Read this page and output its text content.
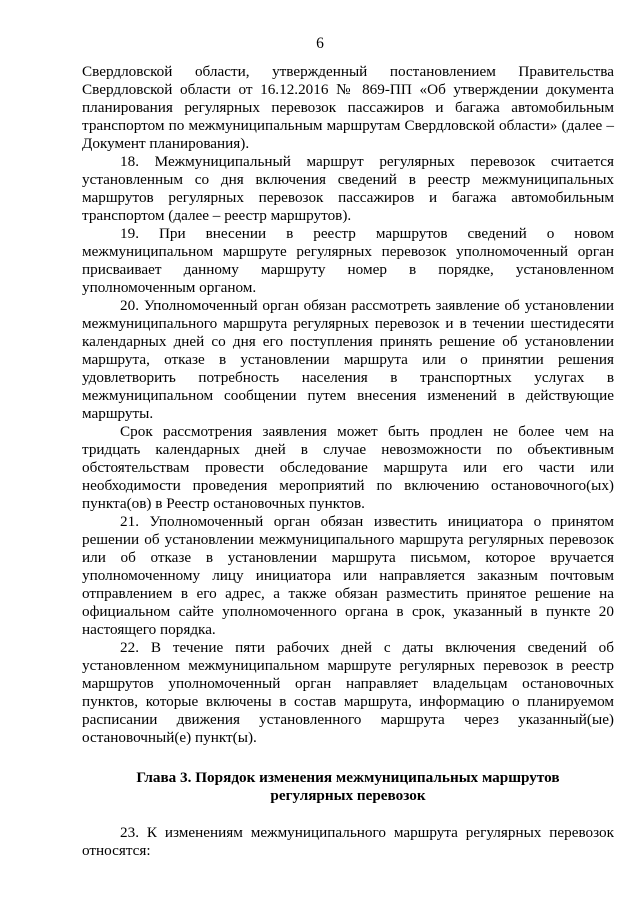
6

Свердловской области, утвержденный постановлением Правительства Свердловской области от 16.12.2016 № 869-ПП «Об утверждении документа планирования регулярных перевозок пассажиров и багажа автомобильным транспортом по межмуниципальным маршрутам Свердловской области» (далее – Документ планирования).

18. Межмуниципальный маршрут регулярных перевозок считается установленным со дня включения сведений в реестр межмуниципальных маршрутов регулярных перевозок пассажиров и багажа автомобильным транспортом (далее – реестр маршрутов).

19. При внесении в реестр маршрутов сведений о новом межмуниципальном маршруте регулярных перевозок уполномоченный орган присваивает данному маршруту номер в порядке, установленном уполномоченным органом.

20. Уполномоченный орган обязан рассмотреть заявление об установлении межмуниципального маршрута регулярных перевозок и в течении шестидесяти календарных дней со дня его поступления принять решение об установлении маршрута, отказе в установлении маршрута или о принятии решения удовлетворить потребность населения в транспортных услугах в межмуниципальном сообщении путем внесения изменений в действующие маршруты.

Срок рассмотрения заявления может быть продлен не более чем на тридцать календарных дней в случае невозможности по объективным обстоятельствам провести обследование маршрута или его части или необходимости проведения мероприятий по включению остановочного(ых) пункта(ов) в Реестр остановочных пунктов.

21. Уполномоченный орган обязан известить инициатора о принятом решении об установлении межмуниципального маршрута регулярных перевозок или об отказе в установлении маршрута письмом, которое вручается уполномоченному лицу инициатора или направляется заказным почтовым отправлением в его адрес, а также обязан разместить принятое решение на официальном сайте уполномоченного органа в срок, указанный в пункте 20 настоящего порядка.

22. В течение пяти рабочих дней с даты включения сведений об установленном межмуниципальном маршруте регулярных перевозок в реестр маршрутов уполномоченный орган направляет владельцам остановочных пунктов, которые включены в состав маршрута, информацию о планируемом расписании движения установленного маршрута через указанный(ые) остановочный(е) пункт(ы).

Глава 3. Порядок изменения межмуниципальных маршрутов
регулярных перевозок

23. К изменениям межмуниципального маршрута регулярных перевозок относятся:
